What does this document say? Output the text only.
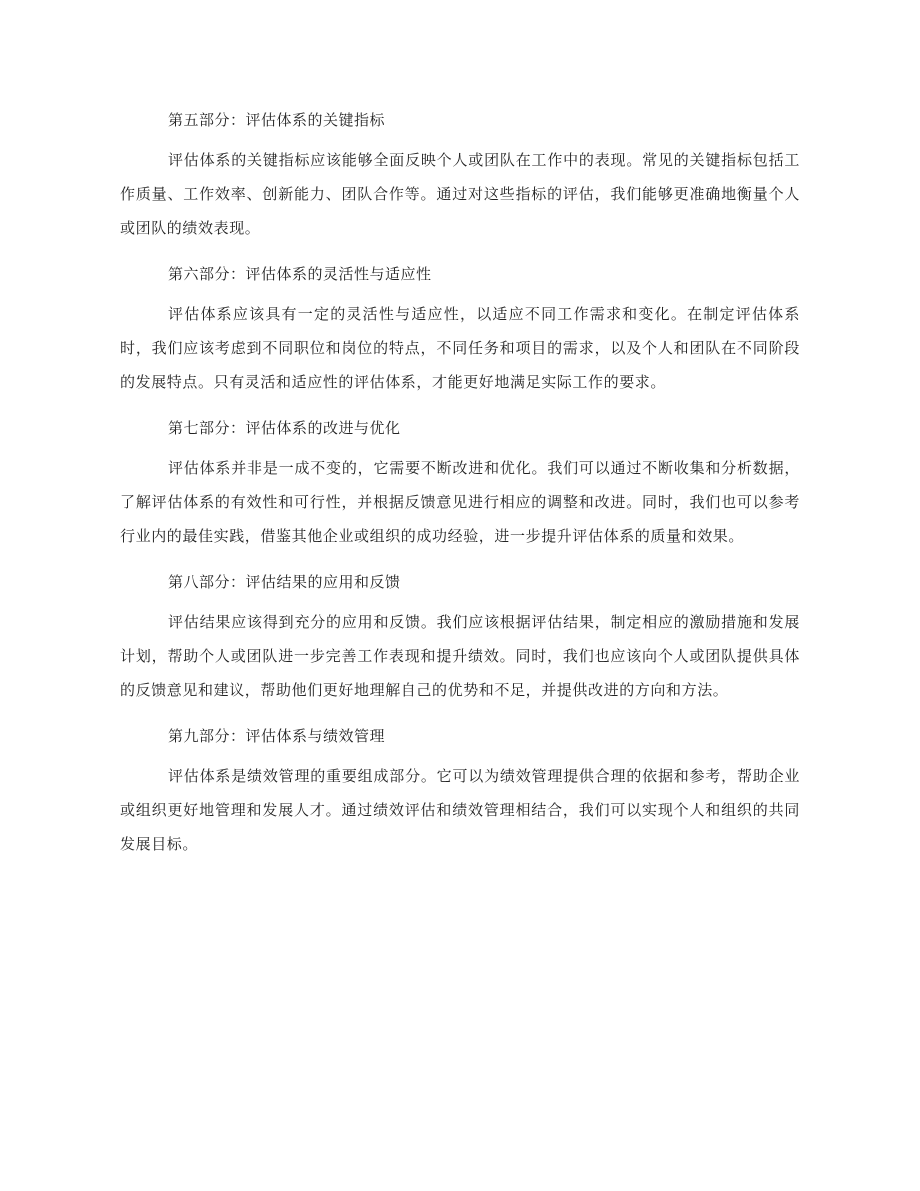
第五部分：评估体系的关键指标

评估体系的关键指标应该能够全面反映个人或团队在工作中的表现。常见的关键指标包括工作质量、工作效率、创新能力、团队合作等。通过对这些指标的评估，我们能够更准确地衡量个人或团队的绩效表现。

第六部分：评估体系的灵活性与适应性

评估体系应该具有一定的灵活性与适应性，以适应不同工作需求和变化。在制定评估体系时，我们应该考虑到不同职位和岗位的特点，不同任务和项目的需求，以及个人和团队在不同阶段的发展特点。只有灵活和适应性的评估体系，才能更好地满足实际工作的要求。

第七部分：评估体系的改进与优化

评估体系并非是一成不变的，它需要不断改进和优化。我们可以通过不断收集和分析数据，了解评估体系的有效性和可行性，并根据反馈意见进行相应的调整和改进。同时，我们也可以参考行业内的最佳实践，借鉴其他企业或组织的成功经验，进一步提升评估体系的质量和效果。

第八部分：评估结果的应用和反馈

评估结果应该得到充分的应用和反馈。我们应该根据评估结果，制定相应的激励措施和发展计划，帮助个人或团队进一步完善工作表现和提升绩效。同时，我们也应该向个人或团队提供具体的反馈意见和建议，帮助他们更好地理解自己的优势和不足，并提供改进的方向和方法。

第九部分：评估体系与绩效管理

评估体系是绩效管理的重要组成部分。它可以为绩效管理提供合理的依据和参考，帮助企业或组织更好地管理和发展人才。通过绩效评估和绩效管理相结合，我们可以实现个人和组织的共同发展目标。
